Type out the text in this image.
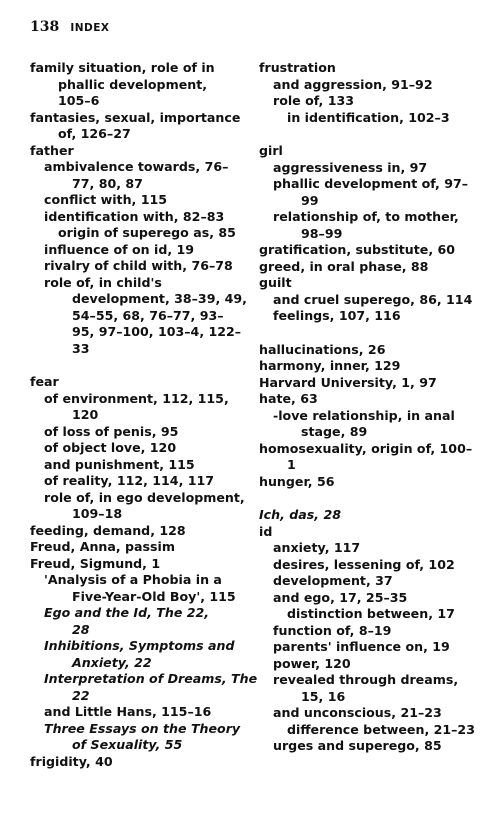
138 INDEX
family situation, role of in
phallic development,
105–6
fantasies, sexual, importance
of, 126–27
father
ambivalence towards, 76–
77, 80, 87
conflict with, 115
identification with, 82–83
origin of superego as, 85
influence of on id, 19
rivalry of child with, 76–78
role of, in child's
development, 38–39, 49,
54–55, 68, 76–77, 93–
95, 97–100, 103–4, 122–
33
fear
of environment, 112, 115,
120
of loss of penis, 95
of object love, 120
and punishment, 115
of reality, 112, 114, 117
role of, in ego development,
109–18
feeding, demand, 128
Freud, Anna, passim
Freud, Sigmund, 1
'Analysis of a Phobia in a
Five-Year-Old Boy', 115
Ego and the Id, The 22,
28
Inhibitions, Symptoms and
Anxiety, 22
Interpretation of Dreams, The
22
and Little Hans, 115–16
Three Essays on the Theory
of Sexuality, 55
frigidity, 40
frustration
and aggression, 91–92
role of, 133
in identification, 102–3
girl
aggressiveness in, 97
phallic development of, 97–
99
relationship of, to mother,
98–99
gratification, substitute, 60
greed, in oral phase, 88
guilt
and cruel superego, 86, 114
feelings, 107, 116
hallucinations, 26
harmony, inner, 129
Harvard University, 1, 97
hate, 63
-love relationship, in anal
stage, 89
homosexuality, origin of, 100–
1
hunger, 56
Ich, das, 28
id
anxiety, 117
desires, lessening of, 102
development, 37
and ego, 17, 25–35
distinction between, 17
function of, 8–19
parents' influence on, 19
power, 120
revealed through dreams,
15, 16
and unconscious, 21–23
difference between, 21–23
urges and superego, 85
